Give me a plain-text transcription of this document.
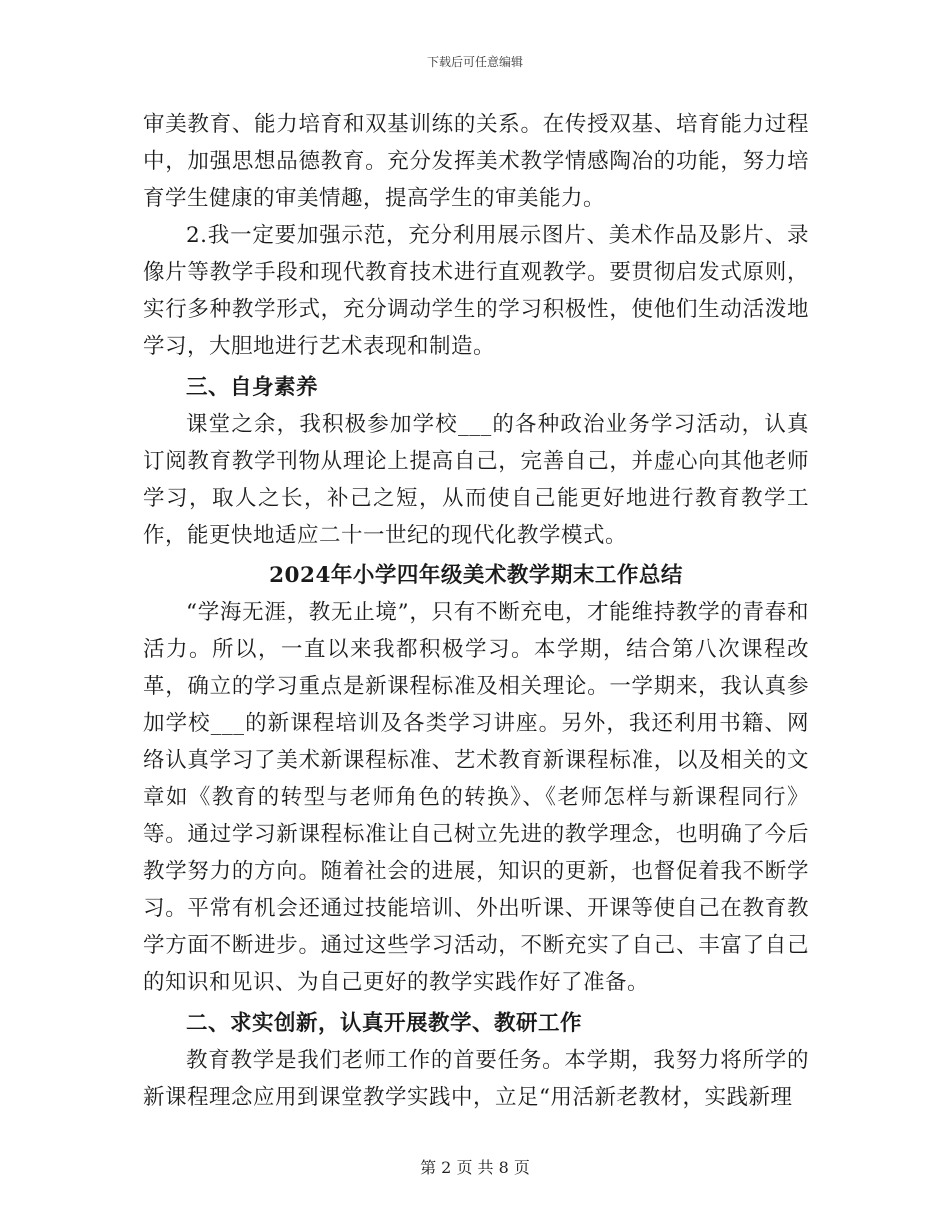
下载后可任意编辑

审美教育、能力培育和双基训练的关系。在传授双基、培育能力过程中，加强思想品德教育。充分发挥美术教学情感陶冶的功能，努力培育学生健康的审美情趣，提高学生的审美能力。

2.我一定要加强示范，充分利用展示图片、美术作品及影片、录像片等教学手段和现代教育技术进行直观教学。要贯彻启发式原则，实行多种教学形式，充分调动学生的学习积极性，使他们生动活泼地学习，大胆地进行艺术表现和制造。

三、自身素养

课堂之余，我积极参加学校___的各种政治业务学习活动，认真订阅教育教学刊物从理论上提高自己，完善自己，并虚心向其他老师学习，取人之长，补己之短，从而使自己能更好地进行教育教学工作，能更快地适应二十一世纪的现代化教学模式。

2024年小学四年级美术教学期末工作总结

“学海无涯，教无止境”，只有不断充电，才能维持教学的青春和活力。所以，一直以来我都积极学习。本学期，结合第八次课程改革，确立的学习重点是新课程标准及相关理论。一学期来，我认真参加学校___的新课程培训及各类学习讲座。另外，我还利用书籍、网络认真学习了美术新课程标准、艺术教育新课程标准，以及相关的文章如《教育的转型与老师角色的转换》、《老师怎样与新课程同行》等。通过学习新课程标准让自己树立先进的教学理念，也明确了今后教学努力的方向。随着社会的进展，知识的更新，也督促着我不断学习。平常有机会还通过技能培训、外出听课、开课等使自己在教育教学方面不断进步。通过这些学习活动，不断充实了自己、丰富了自己的知识和见识、为自己更好的教学实践作好了准备。

二、求实创新，认真开展教学、教研工作

教育教学是我们老师工作的首要任务。本学期，我努力将所学的新课程理念应用到课堂教学实践中，立足“用活新老教材，实践新理

第 2 页 共 8 页
